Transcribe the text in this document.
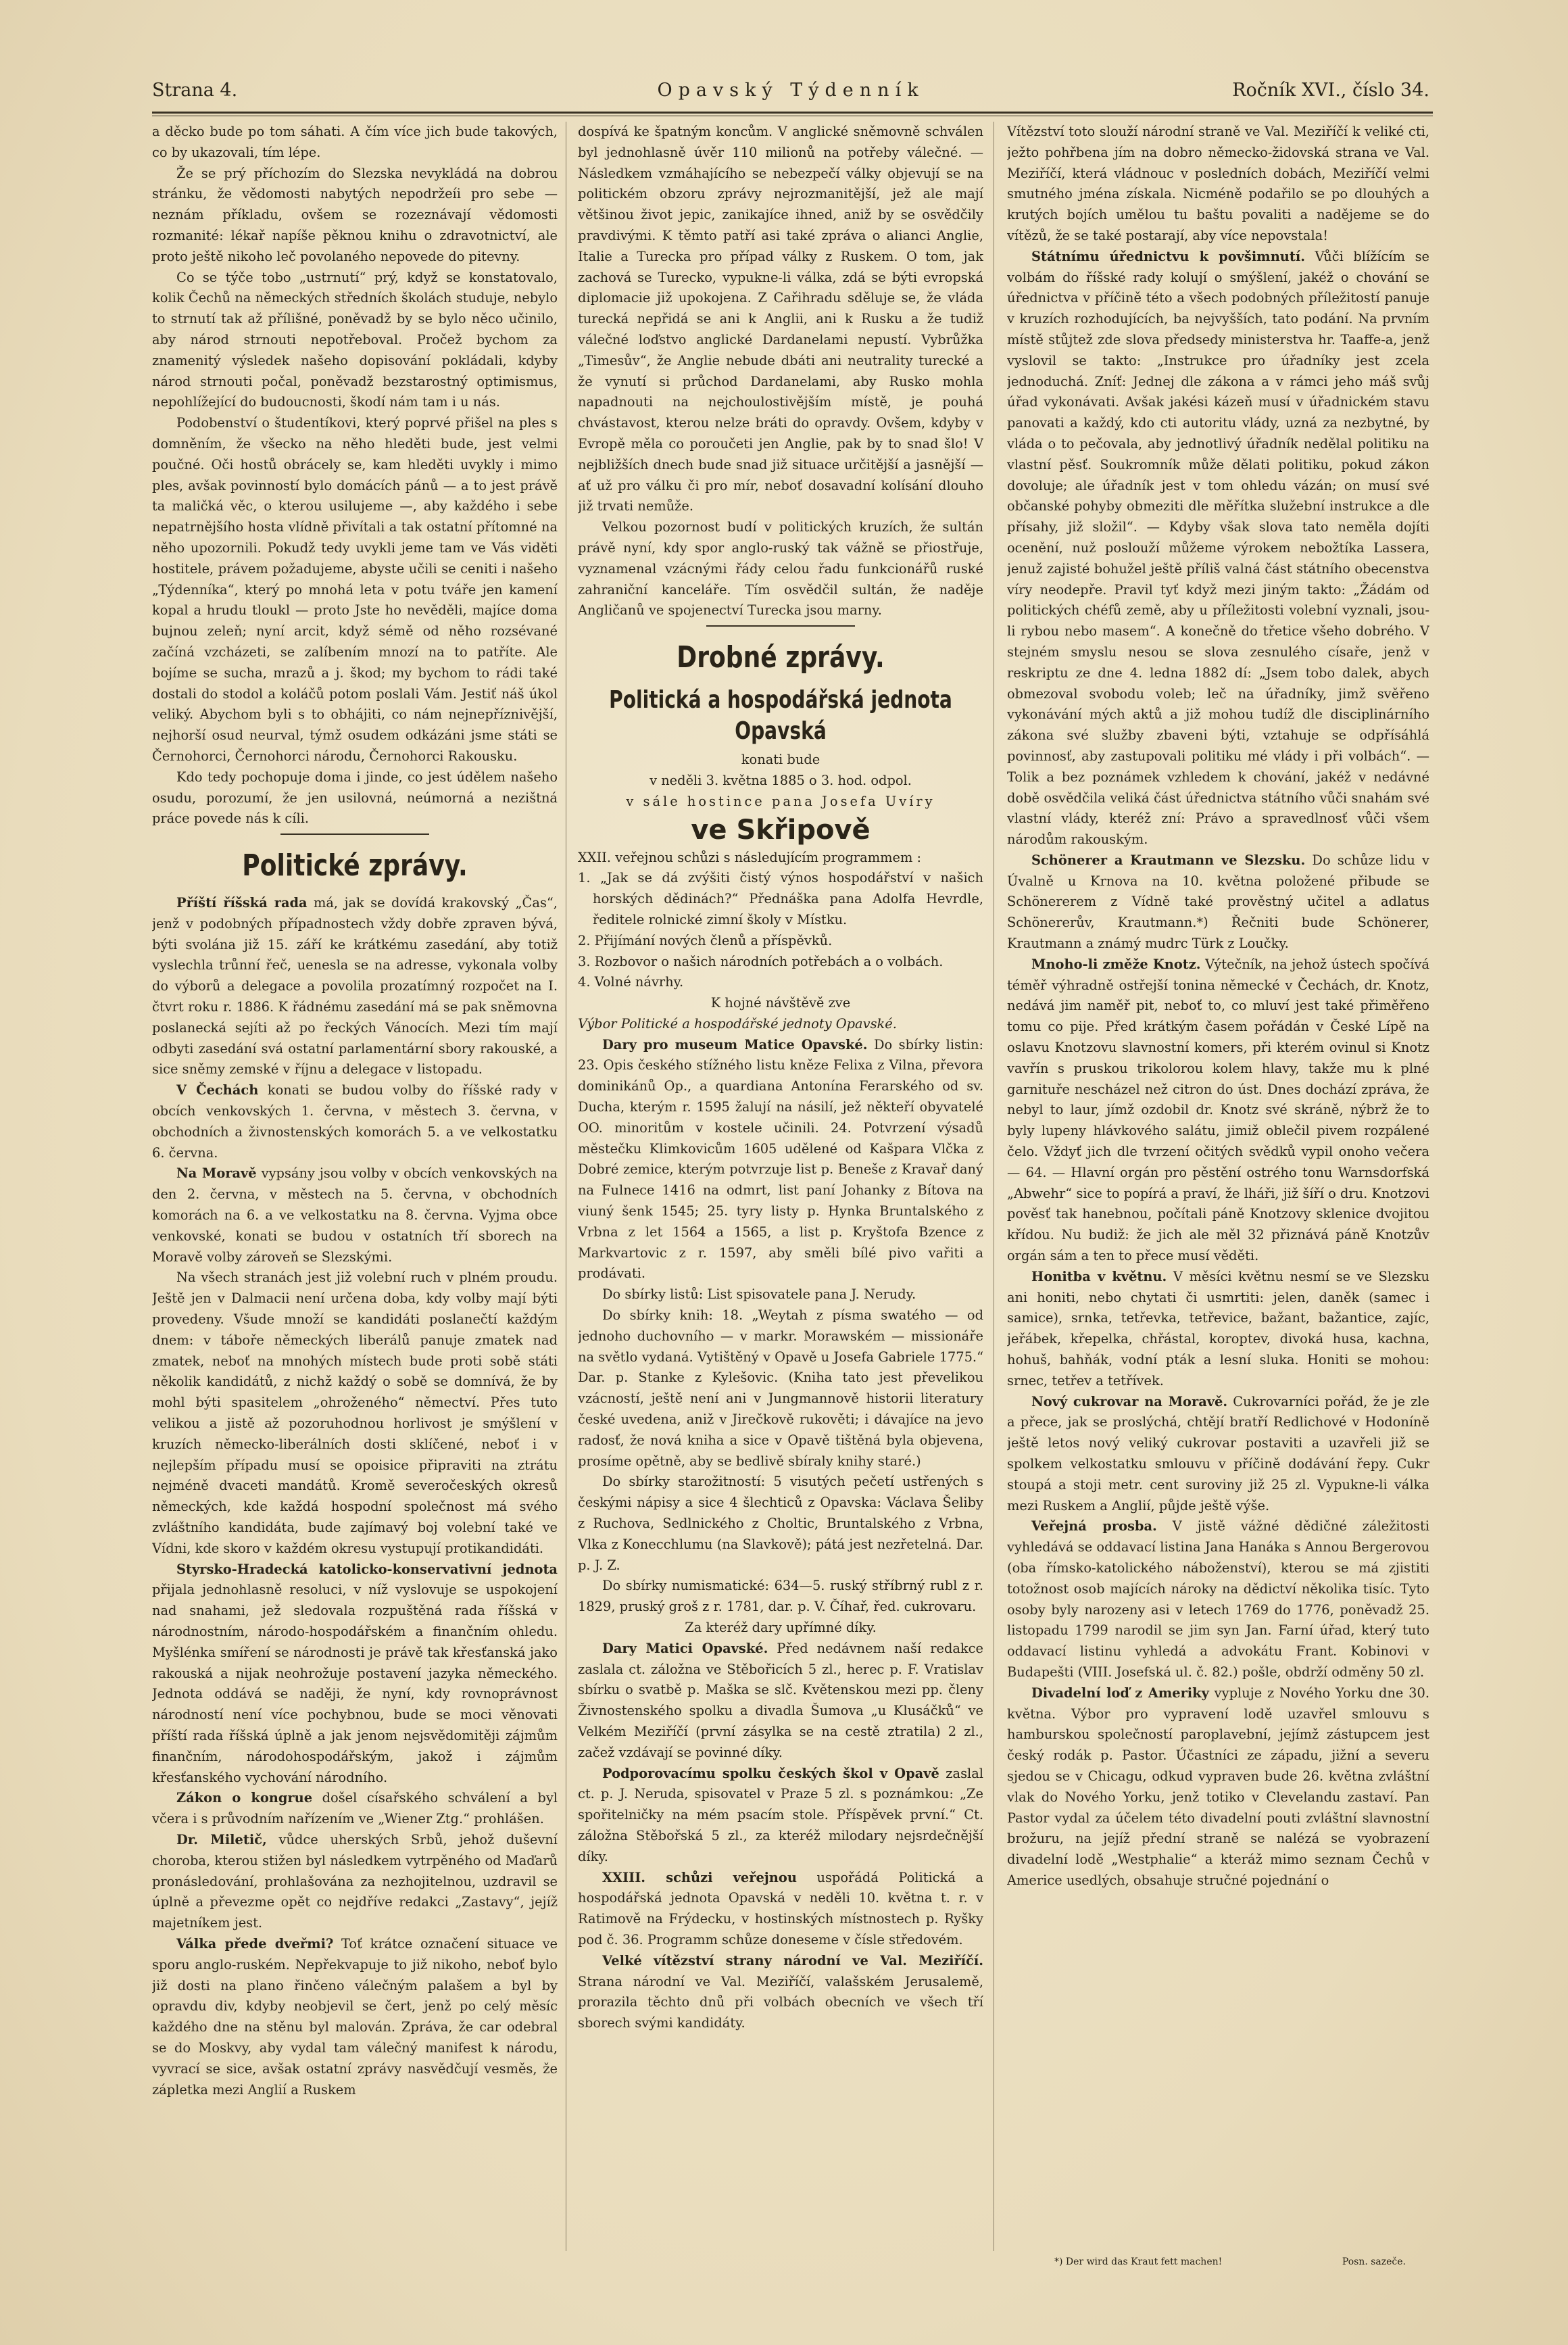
Strana 4.	Opavský Týdenník	Ročník XVI., číslo 34.

a děcko bude po tom sáhati. A čím více jich bude takových, co by ukazovali, tím lépe.

Že se prý příchozím do Slezska nevykládá na dobrou stránku, že vědomosti nabytých nepodržeíi pro sebe — neznám příkladu, ovšem se rozeznávají vědomosti rozmanité: lékař napíše pěknou knihu o zdravotnictví, ale proto ještě nikoho leč povolaného nepovede do pitevny.

Co se týče tobo „ustrnutí“ prý, když se konstatovalo, kolik Čechů na německých středních školách studuje, nebylo to strnutí tak až přílišné, poněvadž by se bylo něco učinilo, aby národ strnouti nepotřeboval. Pročež bychom za znamenitý výsledek našeho dopisování pokládali, kdyby národ strnouti počal, poněvadž bezstarostný optimismus, nepohlížející do budoucnosti, škodí nám tam i u nás.

Podobenství o študentíkovi, který poprvé přišel na ples s domněním, že všecko na něho hleděti bude, jest velmi poučné. Oči hostů obrácely se, kam hleděti uvykly i mimo ples, avšak povinností bylo domácích pánů — a to jest právě ta maličká věc, o kterou usilujeme —, aby každého i sebe nepatrnějšího hosta vlídně přivítali a tak ostatní přítomné na něho upozornili. Pokudž tedy uvykli jeme tam ve Vás viděti hostitele, právem požadujeme, abyste učili se ceniti i našeho „Týdenníka“, který po mnohá leta v potu tváře jen kamení kopal a hrudu tloukl — proto Jste ho nevěděli, majíce doma bujnou zeleň; nyní arcit, když sémě od něho rozsévané začíná vzcházeti, se zalíbením mnozí na to patříte. Ale bojíme se sucha, mrazů a j. škod; my bychom to rádi také dostali do stodol a koláčů potom poslali Vám. Jestiť náš úkol veliký. Abychom byli s to obhájiti, co nám nejnepříznivější, nejhorší osud neurval, týmž osudem odkázáni jsme státi se Černohorci, Černohorci národu, Černohorci Rakousku.

Kdo tedy pochopuje doma i jinde, co jest údělem našeho osudu, porozumí, že jen usilovná, neúmorná a nezištná práce povede nás k cíli.

Politické zprávy.

Příští říšská rada má, jak se dovídá krakovský „Čas“, jenž v podobných případnostech vždy dobře zpraven bývá, býti svolána již 15. září ke krátkému zasedání, aby totiž vyslechla trůnní řeč, uenesla se na adresse, vykonala volby do výborů a delegace a povolila prozatímný rozpočet na I. čtvrt roku r. 1886. K řádnému zasedání má se pak sněmovna poslanecká sejíti až po řeckých Vánocích. Mezi tím mají odbyti zasedání svá ostatní parlamentární sbory rakouské, a sice sněmy zemské v říjnu a delegace v listopadu.

V Čechách konati se budou volby do říšské rady v obcích venkovských 1. června, v městech 3. června, v obchodních a živnostenských komorách 5. a ve velkostatku 6. června.

Na Moravě vypsány jsou volby v obcích venkovských na den 2. června, v městech na 5. června, v obchodních komorách na 6. a ve velkostatku na 8. června. Vyjma obce venkovské, konati se budou v ostatních tří sborech na Moravě volby zároveň se Slezskými.

Na všech stranách jest již volební ruch v plném proudu. Ještě jen v Dalmacii není určena doba, kdy volby mají býti provedeny. Všude množí se kandidáti poslanečtí každým dnem: v táboře německých liberálů panuje zmatek nad zmatek, neboť na mnohých místech bude proti sobě státi několik kandidátů, z nichž každý o sobě se domnívá, že by mohl býti spasitelem „ohroženého“ němectví. Přes tuto velikou a jistě až pozoruhodnou horlivost je smýšlení v kruzích německo-liberálních dosti sklíčené, neboť i v nejlepším případu musí se opoisice připraviti na ztrátu nejméně dvaceti mandátů. Kromě severočeských okresů německých, kde každá hospodní společnost má svého zvláštního kandidáta, bude zajímavý boj volební také ve Vídni, kde skoro v každém okresu vystupují protikandidáti.

Styrsko-Hradecká katolicko-konservativní jednota přijala jednohlasně resoluci, v níž vyslovuje se uspokojení nad snahami, jež sledovala rozpuštěná rada říšská v národnostním, národo-hospodářském a finančním ohledu. Myšlénka smíření se národnosti je právě tak křesťanská jako rakouská a nijak neohrožuje postavení jazyka německého. Jednota oddává se naději, že nyní, kdy rovnoprávnost národností není více pochybnou, bude se moci věnovati příští rada říšská úplně a jak jenom nejsvědomitěji zájmům finančním, národohospodářským, jakož i zájmům křesťanského vychování národního.

Zákon o kongrue došel císařského schválení a byl včera i s průvodním nařízením ve „Wiener Ztg.“ prohlášen.

Dr. Miletič, vůdce uherských Srbů, jehož duševní choroba, kterou stižen byl následkem vytrpěného od Maďarů pronásledování, prohlašována za nezhojitelnou, uzdravil se úplně a převezme opět co nejdříve redakci „Zastavy“, jejíž majetníkem jest.

Válka přede dveřmi? Toť krátce označení situace ve sporu anglo-ruském. Nepřekvapuje to již nikoho, neboť bylo již dosti na plano řinčeno válečným palašem a byl by opravdu div, kdyby neobjevil se čert, jenž po celý měsíc každého dne na stěnu byl malován. Zpráva, že car odebral se do Moskvy, aby vydal tam válečný manifest k národu, vyvrací se sice, avšak ostatní zprávy nasvědčují vesměs, že zápletka mezi Anglií a Ruskem

dospívá ke špatným koncům. V anglické sněmovně schválen byl jednohlasně úvěr 110 milionů na potřeby válečné. — Následkem vzmáhajícího se nebezpečí války objevují se na politickém obzoru zprávy nejrozmanitější, jež ale mají většinou život jepic, zanikajíce ihned, aniž by se osvědčily pravdivými. K těmto patří asi také zpráva o alianci Anglie, Italie a Turecka pro případ války z Ruskem. O tom, jak zachová se Turecko, vypukne-li válka, zdá se býti evropská diplomacie již upokojena. Z Cařihradu sděluje se, že vláda turecká nepřidá se ani k Anglii, ani k Rusku a že tudiž válečné loďstvo anglické Dardanelami nepustí. Vybrůžka „Timesův“, že Anglie nebude dbáti ani neutrality turecké a že vynutí si průchod Dardanelami, aby Rusko mohla napadnouti na nejchoulostivějším místě, je pouhá chvástavost, kterou nelze bráti do opravdy. Ovšem, kdyby v Evropě měla co poroučeti jen Anglie, pak by to snad šlo! V nejbližších dnech bude snad již situace určitější a jasnější — ať už pro válku či pro mír, neboť dosavadní kolísání dlouho již trvati nemůže.

Velkou pozornost budí v politických kruzích, že sultán právě nyní, kdy spor anglo-ruský tak vážně se přiostřuje, vyznamenal vzácnými řády celou řadu funkcionářů ruské zahraniční kanceláře. Tím osvědčil sultán, že naděje Angličanů ve spojenectví Turecka jsou marny.

Drobné zprávy.
Politická a hospodářská jednota Opavská

konati bude

v neděli 3. května 1885 o 3. hod. odpol.

v sále hostince pana Josefa Uvíry

ve Skřipově

XXII. veřejnou schůzi s následujícím programmem :

1. „Jak se dá zvýšiti čistý výnos hospodářství v našich horských dědinách?“ Přednáška pana Adolfa Hevrdle, ředitele rolnické zimní školy v Místku.

2. Přijímání nových členů a příspěvků.

3. Rozbovor o našich národních potřebách a o volbách.

4. Volné návrhy.

K hojné návštěvě zve

Výbor Politické a hospodářské jednoty Opavské.

Dary pro museum Matice Opavské. Do sbírky listin: 23. Opis českého stížného listu kněze Felixa z Vilna, převora dominikánů Op., a quardiana Antonína Ferarského od sv. Ducha, kterým r. 1595 žalují na násilí, jež někteří obyvatelé OO. minoritům v kostele učinili. 24. Potvrzení výsadů městečku Klimkovicům 1605 udělené od Kašpara Vlčka z Dobré zemice, kterým potvrzuje list p. Beneše z Kravař daný na Fulnece 1416 na odmrt, list paní Johanky z Bítova na viuný šenk 1545; 25. tyry listy p. Hynka Bruntalského z Vrbna z let 1564 a 1565, a list p. Kryštofa Bzence z Markvartovic z r. 1597, aby směli bílé pivo vařiti a prodávati.

Do sbírky listů: List spisovatele pana J. Nerudy.

Do sbírky knih: 18. „Weytah z písma swatého — od jednoho duchovního — v markr. Morawském — missionáře na světlo vydaná. Vytištěný v Opavě u Josefa Gabriele 1775.“ Dar. p. Stanke z Kylešovic. (Kniha tato jest převelikou vzácností, ještě není ani v Jungmannově historii literatury české uvedena, aniž v Jirečkově rukověti; i dávajíce na jevo radosť, že nová kniha a sice v Opavě tištěná byla objevena, prosíme opětně, aby se bedlivě sbíraly knihy staré.)

Do sbírky starožitností: 5 visutých pečetí ustřených s českými nápisy a sice 4 šlechticů z Opavska: Václava Šeliby z Ruchova, Sedlnického z Choltic, Bruntalského z Vrbna, Vlka z Konecchlumu (na Slavkově); pátá jest nezřetelná. Dar. p. J. Z.

Do sbírky numismatické: 634—5. ruský stříbrný rubl z r. 1829, pruský groš z r. 1781, dar. p. V. Číhař, řed. cukrovaru.

Za kteréž dary upřímné díky.

Dary Matici Opavské. Před nedávnem naší redakce zaslala ct. záložna ve Stěbořicích 5 zl., herec p. F. Vratislav sbírku o svatbě p. Maška se slč. Květenskou mezi pp. členy Živnostenského spolku a divadla Šumova „u Klusáčků“ ve Velkém Meziříčí (první zásylka se na cestě ztratila) 2 zl., začež vzdávají se povinné díky.

Podporovacímu spolku českých škol v Opavě zaslal ct. p. J. Neruda, spisovatel v Praze 5 zl. s poznámkou: „Ze spořitelničky na mém psacím stole. Příspěvek první.“ Ct. záložna Stěbořská 5 zl., za kteréž milodary nejsrdečnější díky.

XXIII. schůzi veřejnou uspořádá Politická a hospodářská jednota Opavská v neděli 10. května t. r. v Ratimově na Frýdecku, v hostinských místnostech p. Ryšky pod č. 36. Programm schůze doneseme v čísle středovém.

Velké vítězství strany národní ve Val. Meziříčí. Strana národní ve Val. Meziříčí, valašském Jerusalemě, prorazila těchto dnů při volbách obecních ve všech tří sborech svými kandidáty.

Vítězství toto slouží národní straně ve Val. Meziříčí k veliké cti, ježto pohřbena jím na dobro německo-židovská strana ve Val. Meziříčí, která vládnouc v posledních dobách, Meziříčí velmi smutného jména získala. Nicméně podařilo se po dlouhých a krutých bojích umělou tu baštu povaliti a nadějeme se do vítězů, že se také postarají, aby více nepovstala!

Státnímu úřednictvu k povšimnutí. Vůči blížícím se volbám do říšské rady kolují o smýšlení, jakéž o chování se úřednictva v příčině této a všech podobných příležitostí panuje v kruzích rozhodujících, ba nejvyšších, tato podání. Na prvním místě stůjtež zde slova předsedy ministerstva hr. Taaffe-a, jenž vyslovil se takto: „Instrukce pro úřadníky jest zcela jednoduchá. Zníť: Jednej dle zákona a v rámci jeho máš svůj úřad vykonávati. Avšak jakési kázeň musí v úřadnickém stavu panovati a každý, kdo cti autoritu vlády, uzná za nezbytné, by vláda o to pečovala, aby jednotlivý úřadník nedělal politiku na vlastní pěsť. Soukromník může dělati politiku, pokud zákon dovoluje; ale úřadník jest v tom ohledu vázán; on musí své občanské pohyby obmeziti dle měřítka služební instrukce a dle přísahy, již složil“. — Kdyby však slova tato neměla dojíti ocenění, nuž poslouží můžeme výrokem nebožtíka Lassera, jenuž zajisté bohužel ještě příliš valná část státního obecenstva víry neodepře. Pravil tyť když mezi jiným takto: „Žádám od politických chéfů země, aby u příležitosti volební vyznali, jsou-li rybou nebo masem“. A konečně do třetice všeho dobrého. V stejném smyslu nesou se slova zesnulého císaře, jenž v reskriptu ze dne 4. ledna 1882 dí: „Jsem tobo dalek, abych obmezoval svobodu voleb; leč na úřadníky, jimž svěřeno vykonávání mých aktů a již mohou tudíž dle disciplinárního zákona své služby zbaveni býti, vztahuje se odpřísáhlá povinnosť, aby zastupovali politiku mé vlády i při volbách“. — Tolik a bez poznámek vzhledem k chování, jakéž v nedávné době osvědčila veliká část úřednictva státního vůči snahám své vlastní vlády, kteréž zní: Právo a spravedlnosť vůči všem národům rakouským.

Schönerer a Krautmann ve Slezsku. Do schůze lidu v Úvalně u Krnova na 10. května položené přibude se Schönererem z Vídně také prověstný učitel a adlatus Schönererův, Krautmann.*) Řečniti bude Schönerer, Krautmann a známý mudrc Türk z Loučky.

Mnoho-li změže Knotz. Výtečník, na jehož ústech spočívá téměř výhradně ostřejší tonina německé v Čechách, dr. Knotz, nedává jim naměř pit, neboť to, co mluví jest také přiměřeno tomu co pije. Před krátkým časem pořádán v České Lípě na oslavu Knotzovu slavnostní komers, při kterém ovinul si Knotz vavřín s pruskou trikolorou kolem hlavy, takže mu k plné garnituře nescházel než citron do úst. Dnes dochází zpráva, že nebyl to laur, jímž ozdobil dr. Knotz své skráně, nýbrž že to byly lupeny hlávkového salátu, jimiž oblečil pivem rozpálené čelo. Vždyť jich dle tvrzení očitých svědků vypil onoho večera — 64. — Hlavní orgán pro pěstění ostrého tonu Warnsdorfská „Abwehr“ sice to popírá a praví, že lháři, již šíří o dru. Knotzovi pověsť tak hanebnou, počítali páně Knotzovy sklenice dvojitou křídou. Nu budiž: že jich ale měl 32 přiznává páně Knotzův orgán sám a ten to přece musí věděti.

Honitba v květnu. V měsíci květnu nesmí se ve Slezsku ani honiti, nebo chytati či usmrtiti: jelen, daněk (samec i samice), srnka, tetřevka, tetřevice, bažant, bažantice, zajíc, jeřábek, křepelka, chřástal, koroptev, divoká husa, kachna, hohuš, bahňák, vodní pták a lesní sluka. Honiti se mohou: srnec, tetřev a tetřívek.

Nový cukrovar na Moravě. Cukrovarníci pořád, že je zle a přece, jak se proslýchá, chtějí bratří Redlichové v Hodoníně ještě letos nový veliký cukrovar postaviti a uzavřeli již se spolkem velkostatku smlouvu v příčině dodávání řepy. Cukr stoupá a stoji metr. cent suroviny již 25 zl. Vypukne-li válka mezi Ruskem a Anglií, půjde ještě výše.

Veřejná prosba. V jistě vážné dědičné záležitosti vyhledává se oddavací listina Jana Hanáka s Annou Bergerovou (oba římsko-katolického náboženství), kterou se má zjistiti totožnost osob majících nároky na dědictví několika tisíc. Tyto osoby byly narozeny asi v letech 1769 do 1776, poněvadž 25. listopadu 1799 narodil se jim syn Jan. Farní úřad, který tuto oddavací listinu vyhledá a advokátu Frant. Kobinovi v Budapešti (VIII. Josefská ul. č. 82.) pošle, obdrží odměny 50 zl.

Divadelní loď z Ameriky vypluje z Nového Yorku dne 30. května. Výbor pro vypravení lodě uzavřel smlouvu s hamburskou společností paroplavební, jejímž zástupcem jest český rodák p. Pastor. Účastníci ze západu, jižní a severu sjedou se v Chicagu, odkud vypraven bude 26. května zvláštní vlak do Nového Yorku, jenž totiko v Clevelandu zastaví. Pan Pastor vydal za účelem této divadelní pouti zvláštní slavnostní brožuru, na jejíž přední straně se nalézá se vyobrazení divadelní lodě „Westphalie“ a kteráž mimo seznam Čechů v Americe usedlých, obsahuje stručné pojednání o

*) Der wird das Kraut fett machen!	Posn. sazeče.
